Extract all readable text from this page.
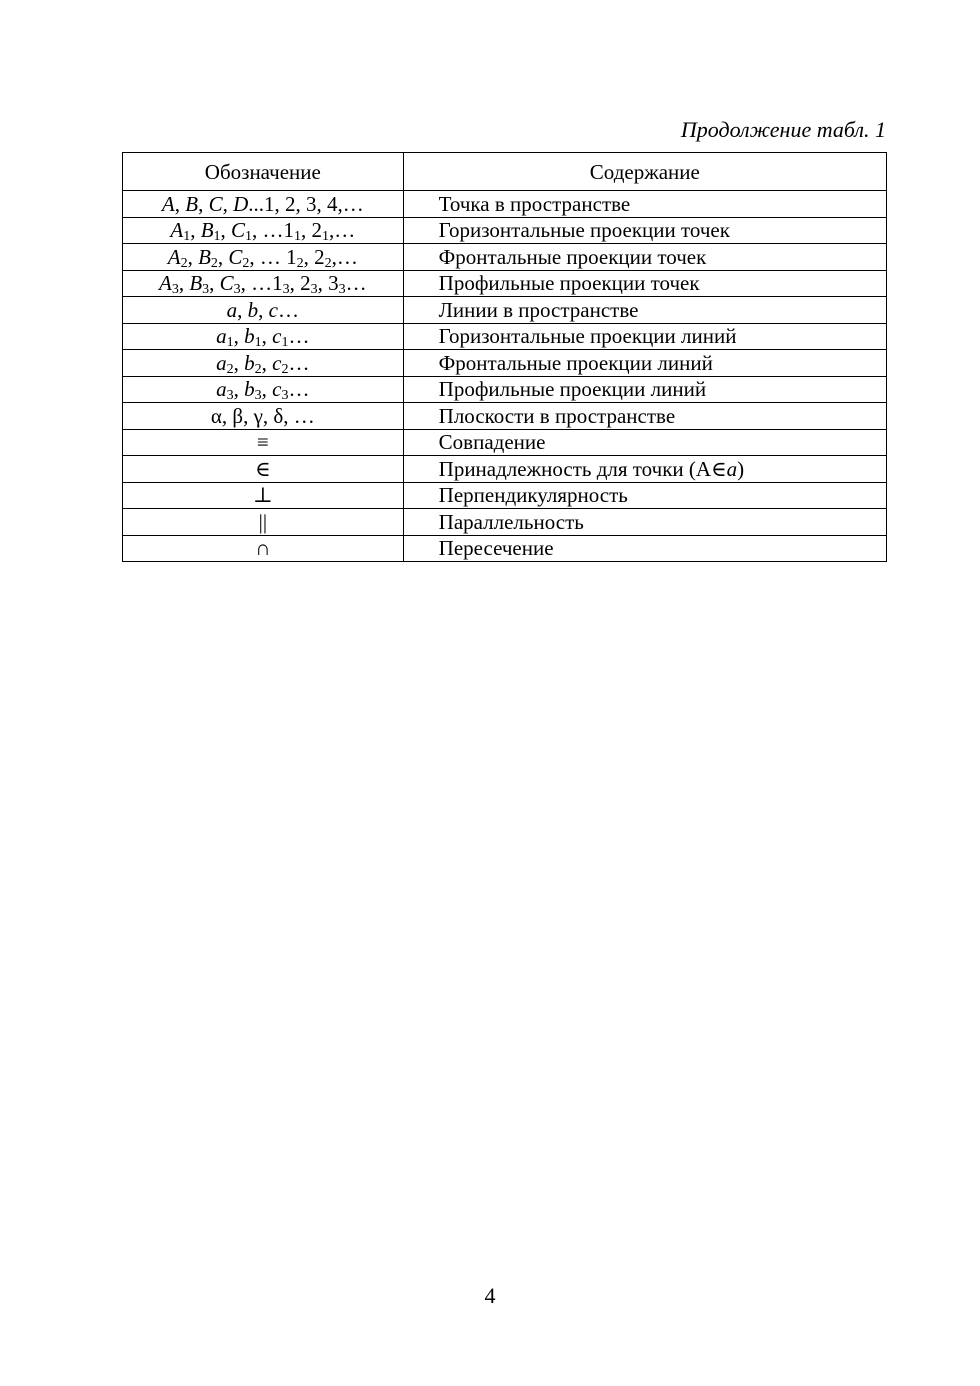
Продолжение табл. 1
Обозначение	Содержание
A, B, C, D...1, 2, 3, 4,…	Точка в пространстве
$A_1$, $B_1$, $C_1$, $\dots 1_1$, $2_1,\dots$	Горизонтальные проекции точек
$A_2$, $B_2$, $C_2$, … $1_2$, $2_2,\dots$	Фронтальные проекции точек
$A_3$, $B_3$, $C_3$, $\dots 1_3$, $2_3$, $3_3\dots$	Профильные проекции точек
a, b, c…	Линии в пространстве
$a_1$, $b_1$, $c_1\dots$	Горизонтальные проекции линий
$a_2$, $b_2$, $c_2\dots$	Фронтальные проекции линий
$a_3$, $b_3$, $c_3\dots$	Профильные проекции линий
α, β, γ, δ, …	Плоскости в пространстве
≡	Совпадение
∈	Принадлежность для точки (A∈a)
⊥	Перпендикулярность
||	Параллельность
∩	Пересечение
4
